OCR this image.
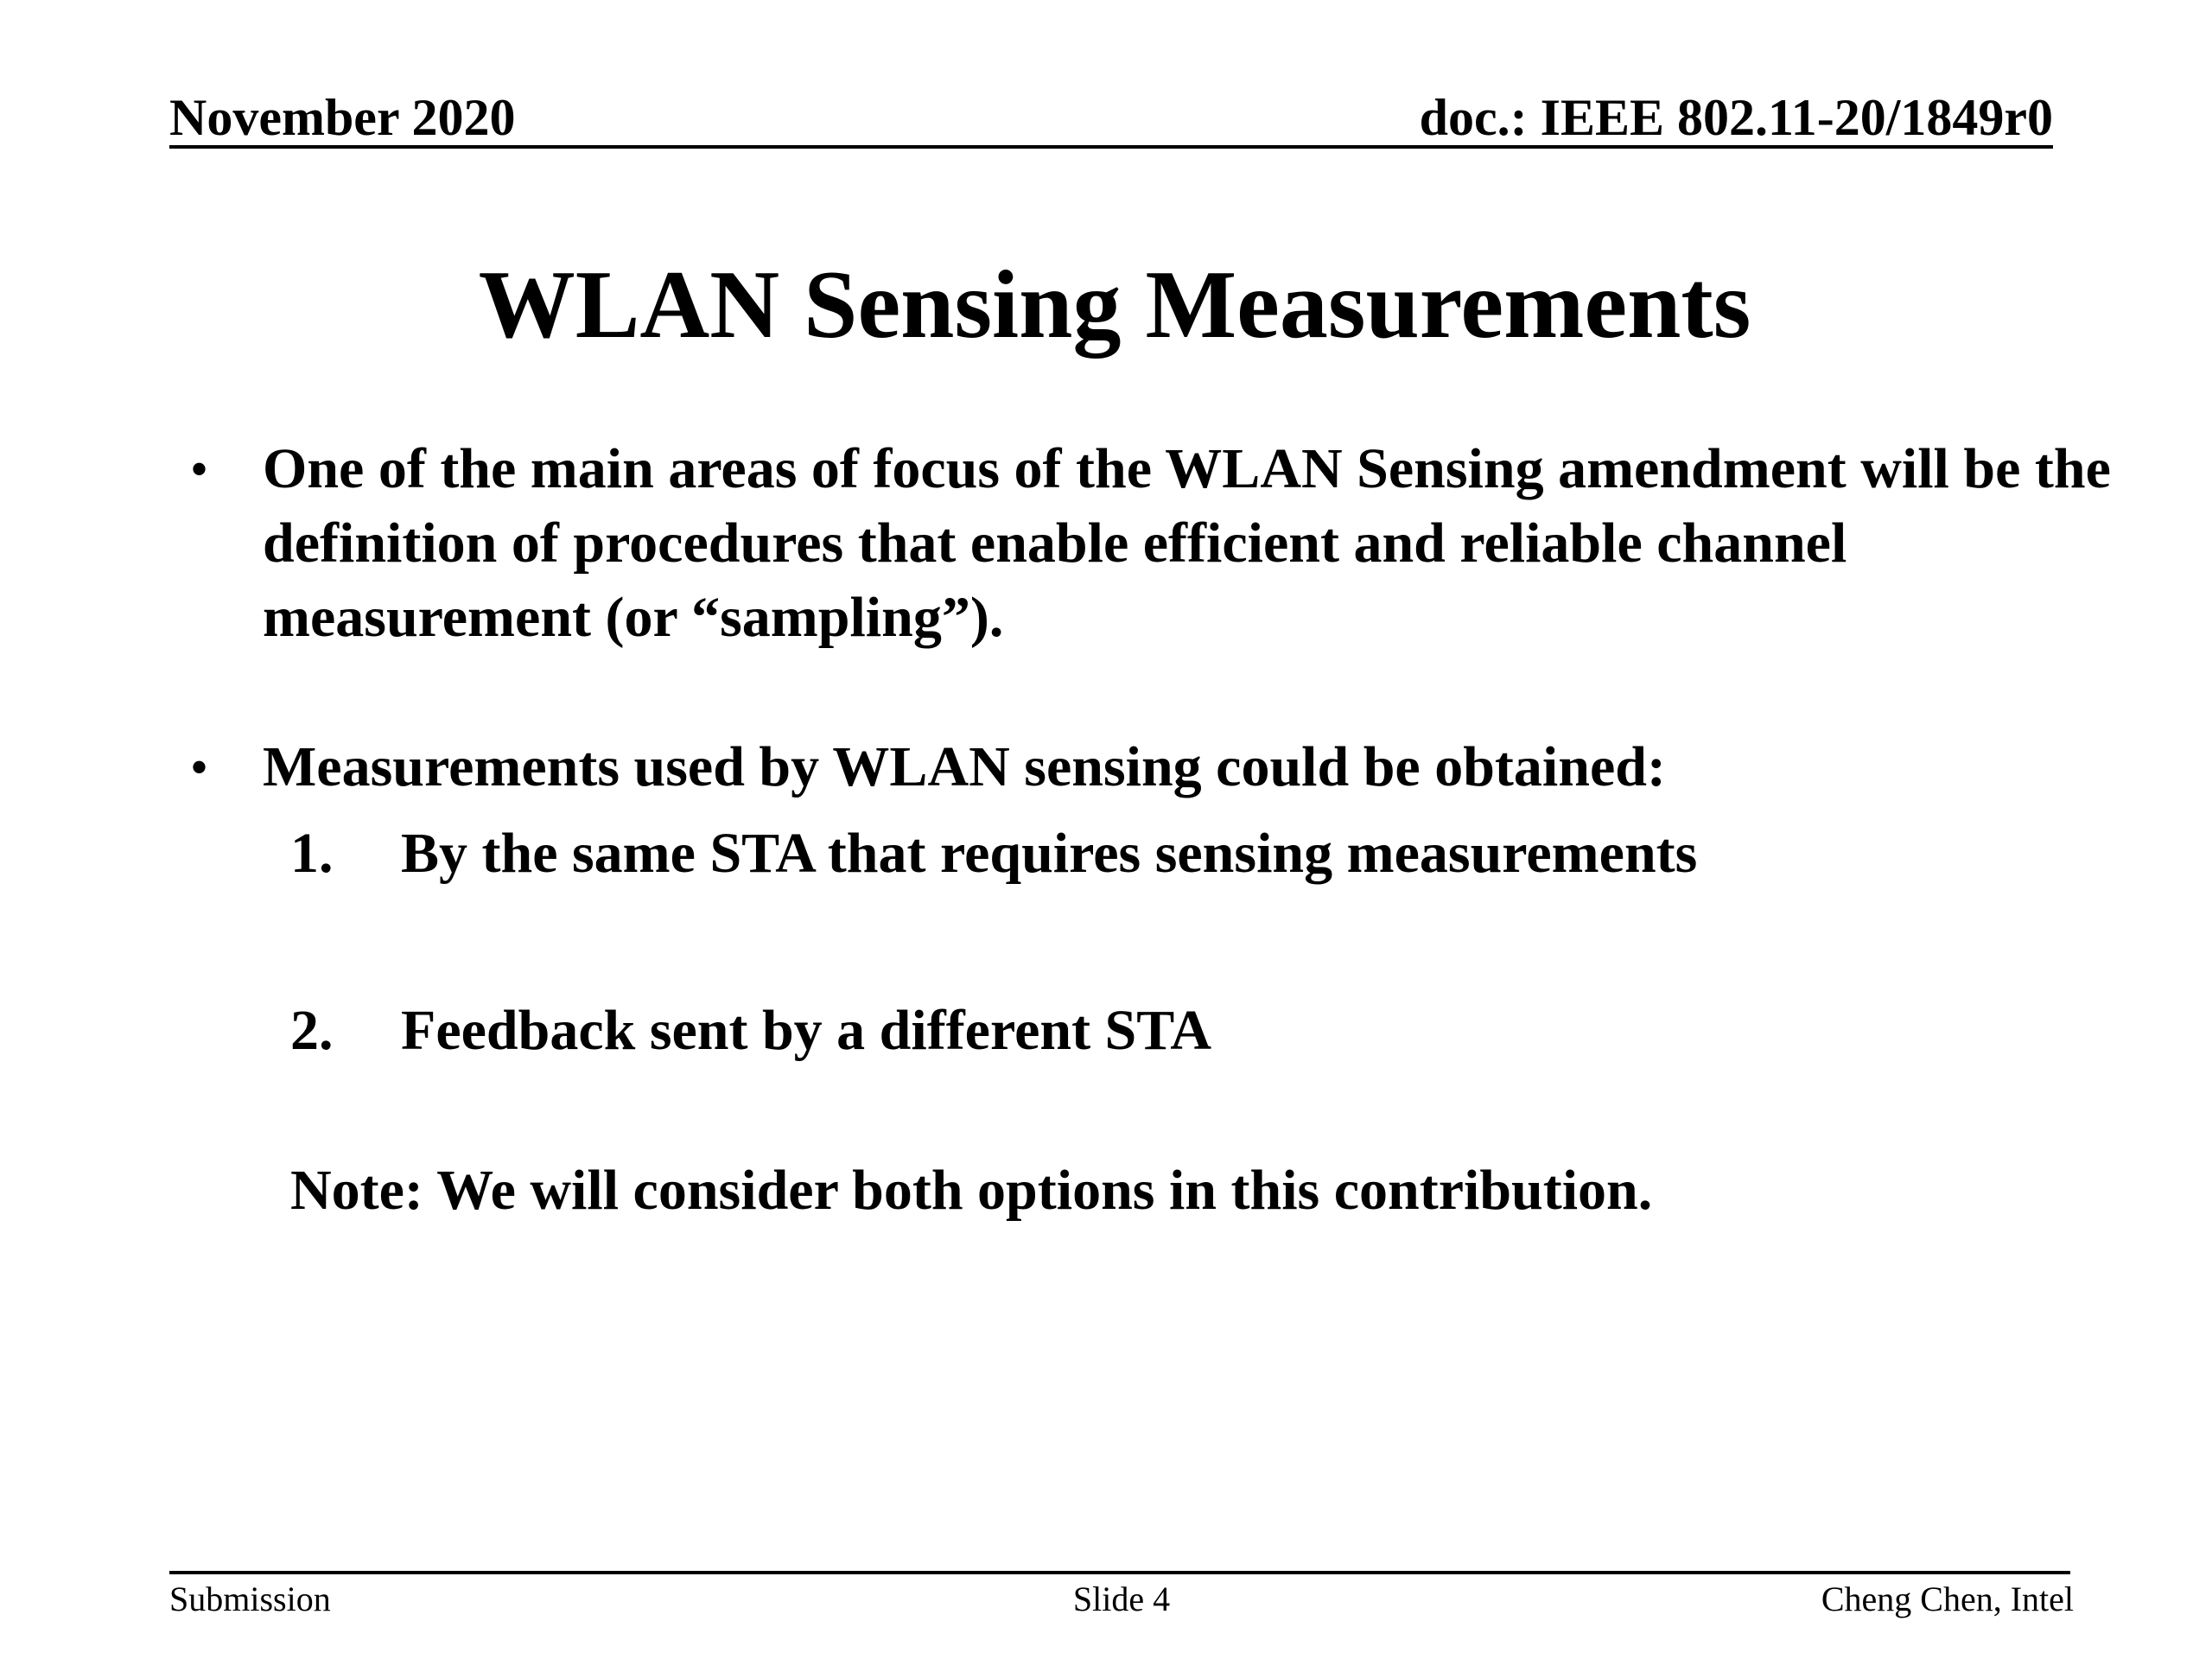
November 2020	doc.: IEEE 802.11-20/1849r0
WLAN Sensing Measurements
• One of the main areas of focus of the WLAN Sensing amendment will be the definition of procedures that enable efficient and reliable channel measurement (or “sampling”).
• Measurements used by WLAN sensing could be obtained:
1. By the same STA that requires sensing measurements
2. Feedback sent by a different STA
Note: We will consider both options in this contribution.
Submission	Slide 4	Cheng Chen, Intel
